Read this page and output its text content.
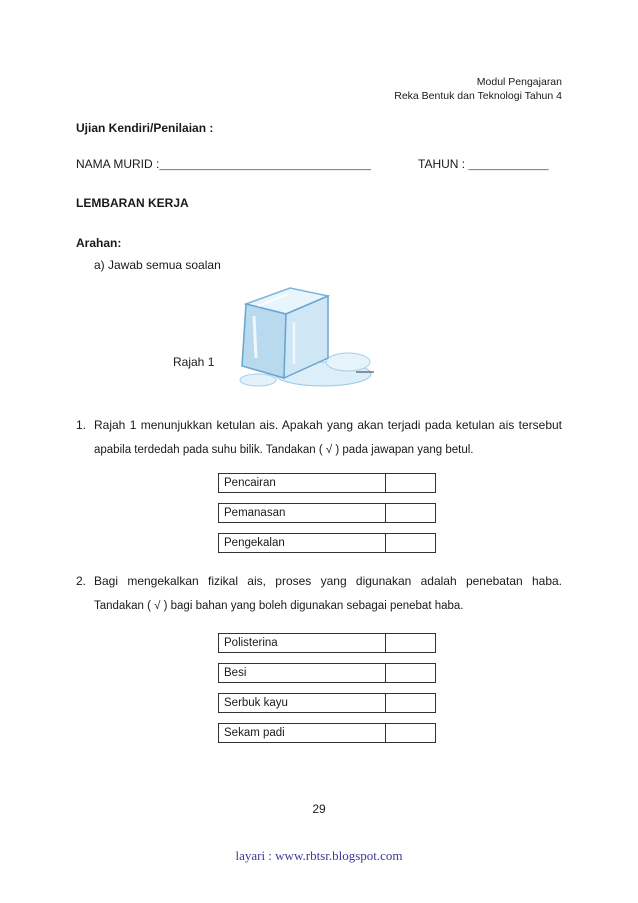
Modul Pengajaran
Reka Bentuk dan Teknologi Tahun 4
Ujian Kendiri/Penilaian :
NAMA MURID :____________________________________________	TAHUN : ________________
LEMBARAN KERJA
Arahan:
a) Jawab semua soalan
Rajah 1
1. Rajah 1 menunjukkan ketulan ais. Apakah yang akan terjadi pada ketulan ais tersebut
apabila terdedah pada suhu bilik. Tandakan ( √ ) pada jawapan yang betul.
Pencairan
Pemanasan
Pengekalan
2. Bagi mengekalkan fizikal ais, proses yang digunakan adalah penebatan haba.
Tandakan ( √ ) bagi bahan yang boleh digunakan sebagai penebat haba.
Polisterina
Besi
Serbuk kayu
Sekam padi
29
layari : www.rbtsr.blogspot.com
